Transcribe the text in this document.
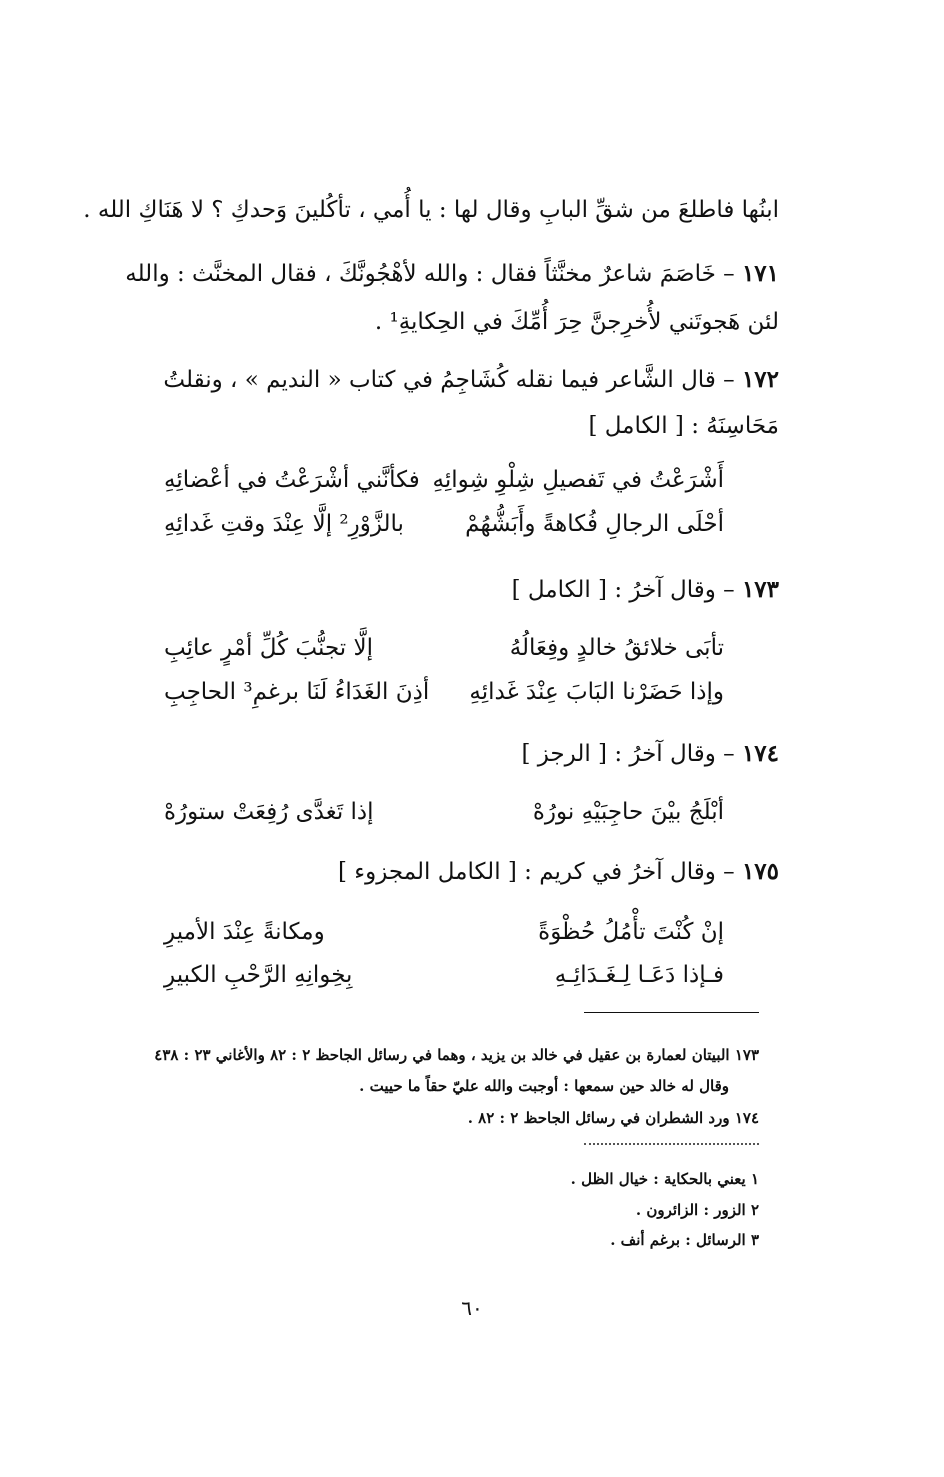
ابنُها فاطلعَ من شقِّ البابِ وقال لها : يا أُمي ، تأكُلينَ وَحدكِ ؟ لا هَنَاكِ الله .
١٧١ – خَاصَمَ شاعرٌ مخنَّثاً فقال : والله لأهْجُونَّكَ ، فقال المخنَّث : والله
لئن هَجوتَني لأُخرِجنَّ حِرَ أُمِّكَ في الحِكايةِ¹ .
١٧٢ – قال الشَّاعر فيما نقله كُشَاجِمُ في كتاب « النديم » ، ونقلتُ
مَحَاسِنَهُ : [ الكامل ]
أَشْرَعْتُ في تَفصيلِ شِلْوِ شِوائِهِ
فكأنَّني أشْرَعْتُ في أعْضائِهِ
أحْلَى الرجالِ فُكاهةً وأَبَشُّهُمْ
بالزَّوْرِ² إلَّا عِنْدَ وقتِ غَدائِهِ
١٧٣ – وقال آخرُ : [ الكامل ]
تأبَى خلائقُ خالدٍ وفِعَالُهُ
إلَّا تجنُّبَ كُلِّ أمْرٍ عائِبِ
وإذا حَضَرْنا البَابَ عِنْدَ غَدائِهِ
أذِنَ الغَدَاءُ لَنَا برغمِ³ الحاجِبِ
١٧٤ – وقال آخرُ : [ الرجز ]
أبْلَجُ بيْنَ حاجِبَيْهِ نورُهْ
إذا تَغدَّى رُفِعَتْ ستورُهْ
١٧٥ – وقال آخرُ في كريم : [ الكامل المجزوء ]
إنْ كُنْتَ تأْمُلُ حُظْوَةً
ومكانةً عِنْدَ الأميرِ
فـإذا دَعَـا لِـغَـدَائِـهِ
بِخِوانِهِ الرَّحْبِ الكبيرِ
١٧٣ البيتان لعمارة بن عقيل في خالد بن يزيد ، وهما في رسائل الجاحظ ٢ : ٨٢ والأغاني ٢٣ : ٤٣٨
وقال له خالد حين سمعها : أوجبت والله عليّ حقاً ما حييت .
١٧٤ ورد الشطران في رسائل الجاحظ ٢ : ٨٢ .
١ يعني بالحكاية : خيال الظل .
٢ الزور : الزائرون .
٣ الرسائل : برغم أنف .
٦٠
